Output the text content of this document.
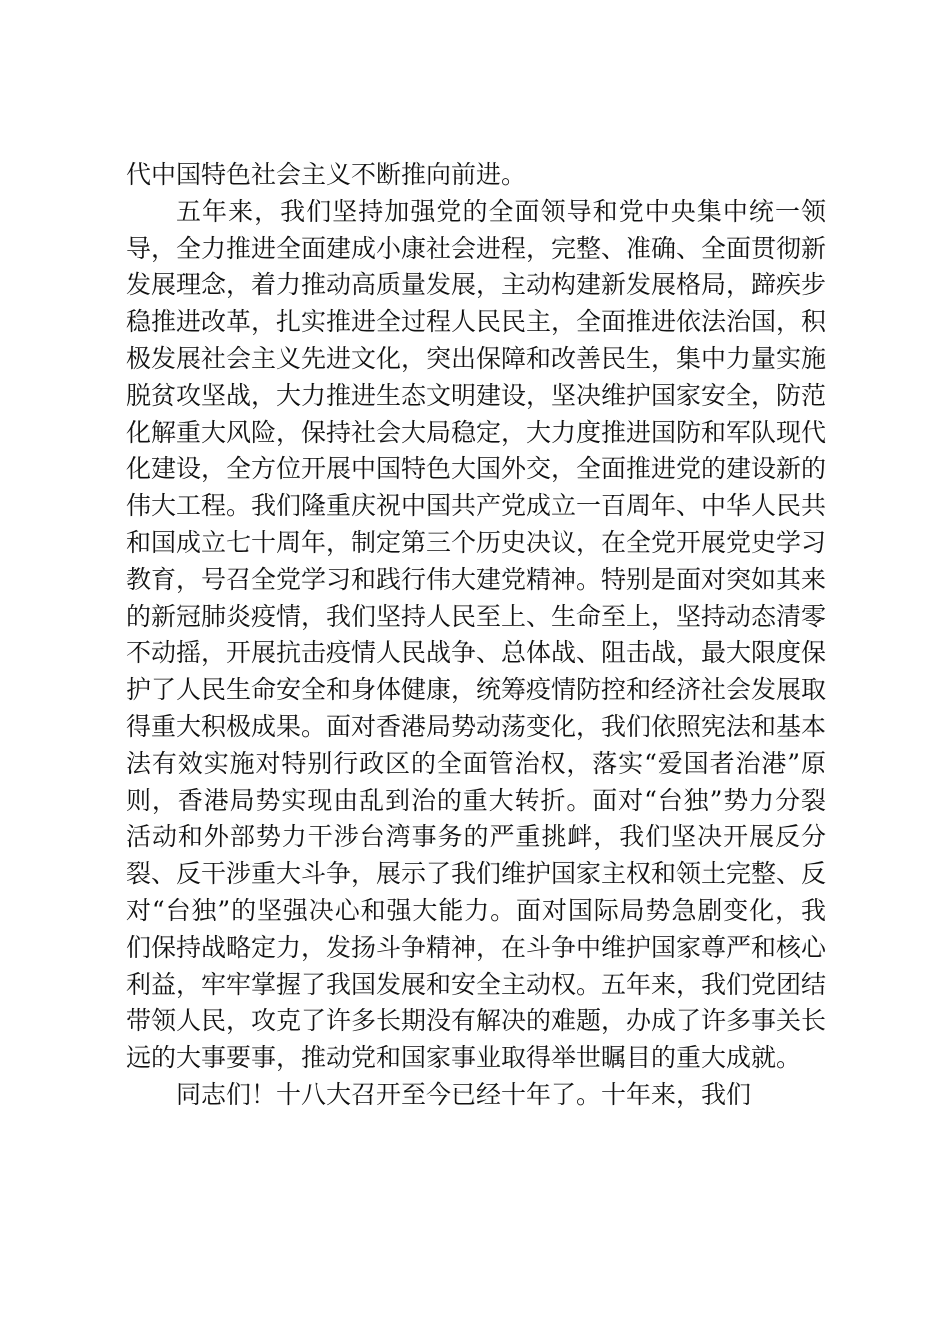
代中国特色社会主义不断推向前进。

五年来，我们坚持加强党的全面领导和党中央集中统一领导，全力推进全面建成小康社会进程，完整、准确、全面贯彻新发展理念，着力推动高质量发展，主动构建新发展格局，蹄疾步稳推进改革，扎实推进全过程人民民主，全面推进依法治国，积极发展社会主义先进文化，突出保障和改善民生，集中力量实施脱贫攻坚战，大力推进生态文明建设，坚决维护国家安全，防范化解重大风险，保持社会大局稳定，大力度推进国防和军队现代化建设，全方位开展中国特色大国外交，全面推进党的建设新的伟大工程。我们隆重庆祝中国共产党成立一百周年、中华人民共和国成立七十周年，制定第三个历史决议，在全党开展党史学习教育，号召全党学习和践行伟大建党精神。特别是面对突如其来的新冠肺炎疫情，我们坚持人民至上、生命至上，坚持动态清零不动摇，开展抗击疫情人民战争、总体战、阻击战，最大限度保护了人民生命安全和身体健康，统筹疫情防控和经济社会发展取得重大积极成果。面对香港局势动荡变化，我们依照宪法和基本法有效实施对特别行政区的全面管治权，落实“爱国者治港”原则，香港局势实现由乱到治的重大转折。面对“台独”势力分裂活动和外部势力干涉台湾事务的严重挑衅，我们坚决开展反分裂、反干涉重大斗争，展示了我们维护国家主权和领土完整、反对“台独”的坚强决心和强大能力。面对国际局势急剧变化，我们保持战略定力，发扬斗争精神，在斗争中维护国家尊严和核心利益，牢牢掌握了我国发展和安全主动权。五年来，我们党团结带领人民，攻克了许多长期没有解决的难题，办成了许多事关长远的大事要事，推动党和国家事业取得举世瞩目的重大成就。

同志们！十八大召开至今已经十年了。十年来，我们
